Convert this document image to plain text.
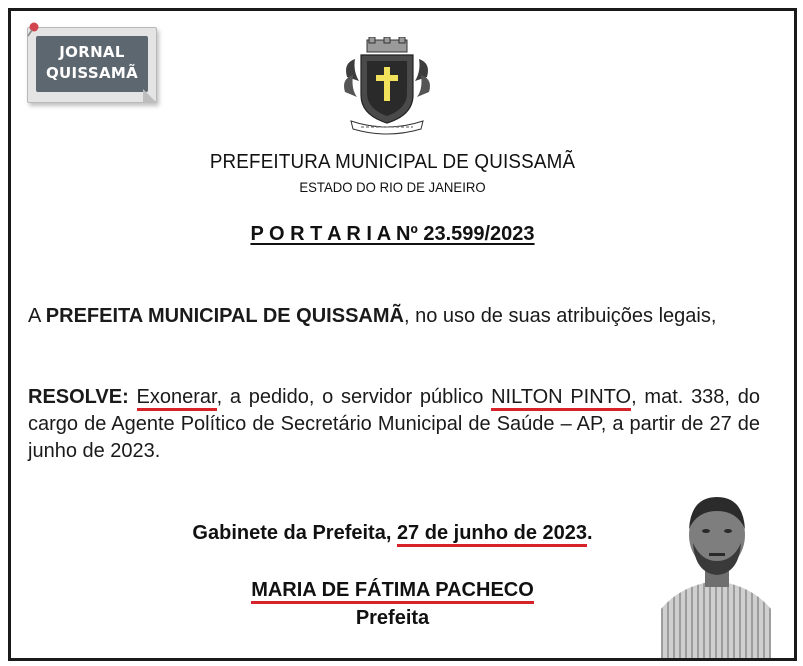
JORNAL
QUISSAMÃ
PREFEITURA MUNICIPAL DE QUISSAMÃ
ESTADO DO RIO DE JANEIRO
P O R T A R I A Nº 23.599/2023
A PREFEITA MUNICIPAL DE QUISSAMÃ, no uso de suas atribuições legais,
RESOLVE: Exonerar, a pedido, o servidor público NILTON PINTO, mat. 338, do cargo de Agente Político de Secretário Municipal de Saúde – AP, a partir de 27 de junho de 2023.
Gabinete da Prefeita, 27 de junho de 2023.
MARIA DE FÁTIMA PACHECO
Prefeita
